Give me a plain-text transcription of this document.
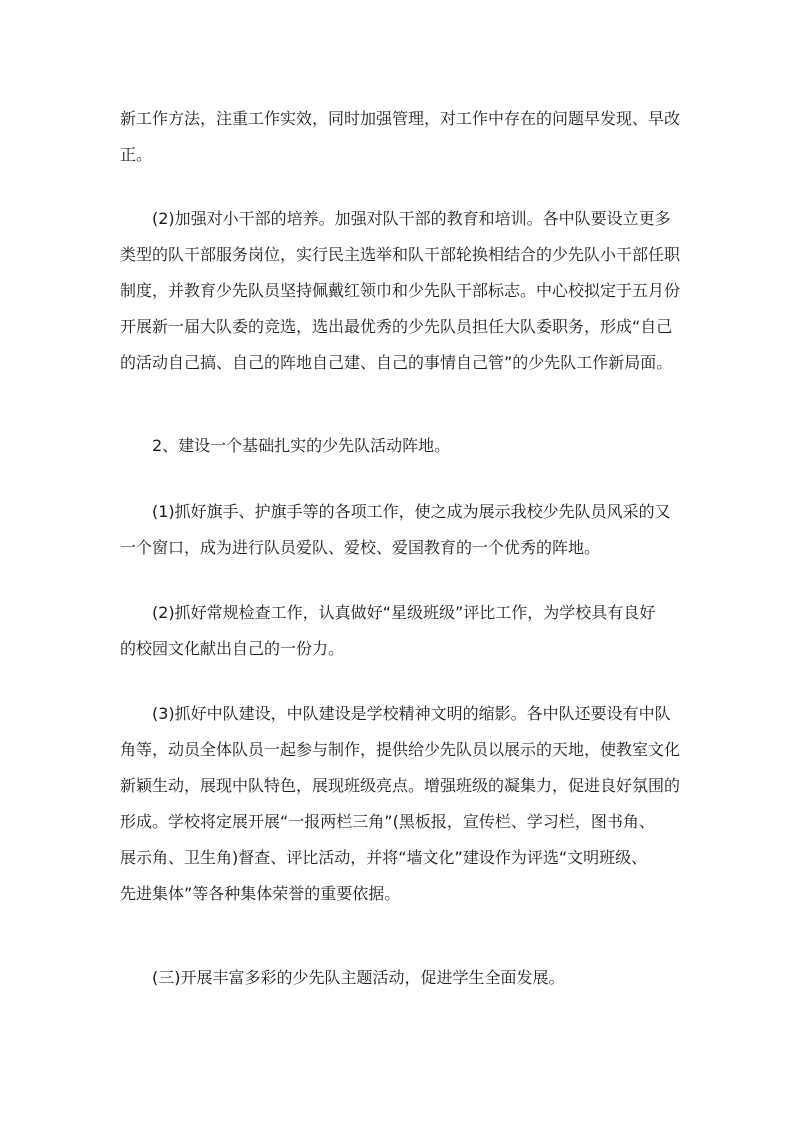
新工作方法，注重工作实效，同时加强管理，对工作中存在的问题早发现、早改
正。
(2)加强对小干部的培养。加强对队干部的教育和培训。各中队要设立更多
类型的队干部服务岗位，实行民主选举和队干部轮换相结合的少先队小干部任职
制度，并教育少先队员坚持佩戴红领巾和少先队干部标志。中心校拟定于五月份
开展新一届大队委的竞选，选出最优秀的少先队员担任大队委职务，形成“自己
的活动自己搞、自己的阵地自己建、自己的事情自己管”的少先队工作新局面。
2、建设一个基础扎实的少先队活动阵地。
(1)抓好旗手、护旗手等的各项工作，使之成为展示我校少先队员风采的又
一个窗口，成为进行队员爱队、爱校、爱国教育的一个优秀的阵地。
(2)抓好常规检查工作，认真做好“星级班级”评比工作，为学校具有良好
的校园文化献出自己的一份力。
(3)抓好中队建设，中队建设是学校精神文明的缩影。各中队还要设有中队
角等，动员全体队员一起参与制作，提供给少先队员以展示的天地，使教室文化
新颖生动，展现中队特色，展现班级亮点。增强班级的凝集力，促进良好氛围的
形成。学校将定展开展“一报两栏三角”(黑板报，宣传栏、学习栏，图书角、
展示角、卫生角)督查、评比活动，并将“墙文化”建设作为评选“文明班级、
先进集体”等各种集体荣誉的重要依据。
(三)开展丰富多彩的少先队主题活动，促进学生全面发展。
